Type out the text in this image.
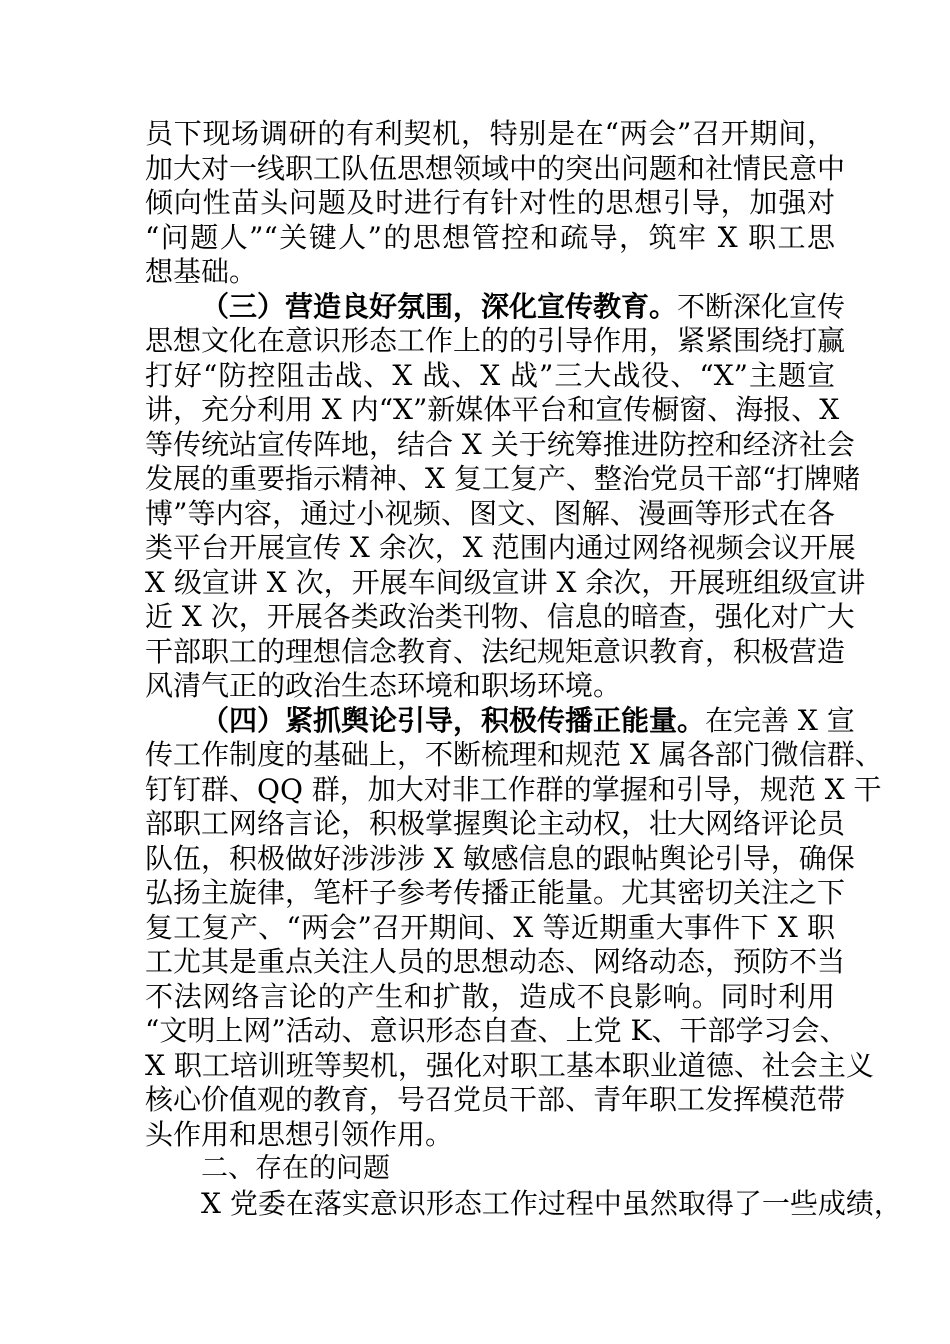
员下现场调研的有利契机，特别是在“两会”召开期间，
加大对一线职工队伍思想领域中的突出问题和社情民意中
倾向性苗头问题及时进行有针对性的思想引导，加强对
“问题人”“关键人”的思想管控和疏导，筑牢 X 职工思
想基础。
（三）营造良好氛围，深化宣传教育。不断深化宣传
思想文化在意识形态工作上的的引导作用，紧紧围绕打赢
打好“防控阻击战、X 战、X 战”三大战役、“X”主题宣
讲，充分利用 X 内“X”新媒体平台和宣传橱窗、海报、X
等传统站宣传阵地，结合 X 关于统筹推进防控和经济社会
发展的重要指示精神、X 复工复产、整治党员干部“打牌赌
博”等内容，通过小视频、图文、图解、漫画等形式在各
类平台开展宣传 X 余次，X 范围内通过网络视频会议开展
X 级宣讲 X 次，开展车间级宣讲 X 余次，开展班组级宣讲
近 X 次，开展各类政治类刊物、信息的暗查，强化对广大
干部职工的理想信念教育、法纪规矩意识教育，积极营造
风清气正的政治生态环境和职场环境。
（四）紧抓舆论引导，积极传播正能量。在完善 X 宣
传工作制度的基础上，不断梳理和规范 X 属各部门微信群、
钉钉群、QQ 群，加大对非工作群的掌握和引导，规范 X 干
部职工网络言论，积极掌握舆论主动权，壮大网络评论员
队伍，积极做好涉涉涉 X 敏感信息的跟帖舆论引导，确保
弘扬主旋律，笔杆子参考传播正能量。尤其密切关注之下
复工复产、“两会”召开期间、X 等近期重大事件下 X 职
工尤其是重点关注人员的思想动态、网络动态，预防不当
不法网络言论的产生和扩散，造成不良影响。同时利用
“文明上网”活动、意识形态自查、上党 K、干部学习会、
X 职工培训班等契机，强化对职工基本职业道德、社会主义
核心价值观的教育，号召党员干部、青年职工发挥模范带
头作用和思想引领作用。
二、存在的问题
X 党委在落实意识形态工作过程中虽然取得了一些成绩，
